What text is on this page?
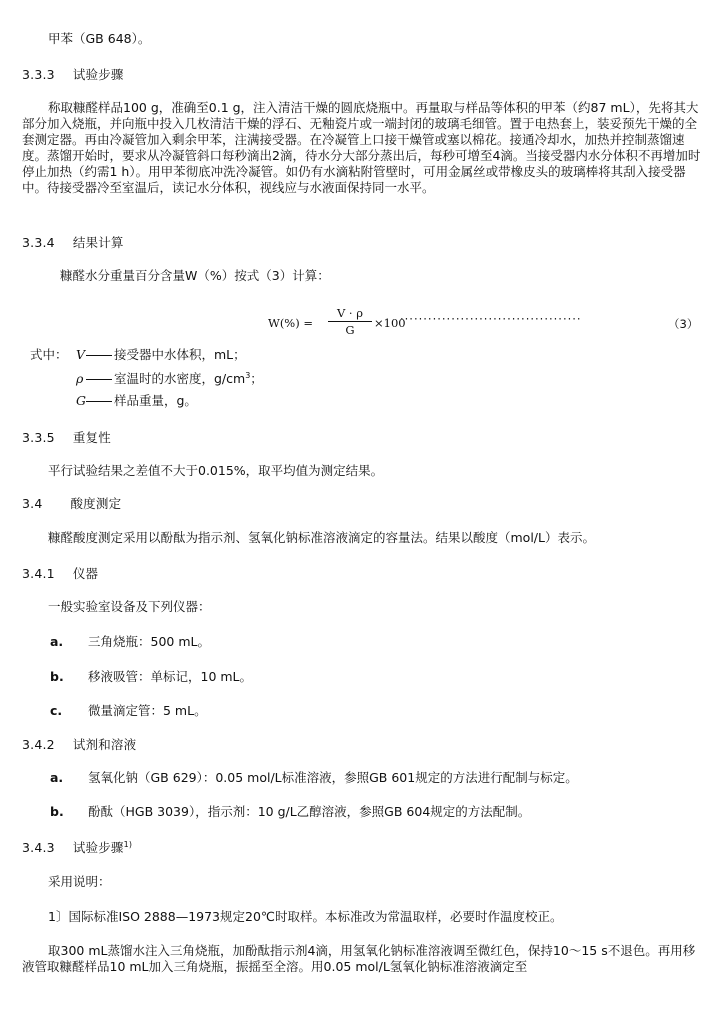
甲苯（GB 648）。
3.3.3 试验步骤
称取糠醛样品100 g，准确至0.1 g，注入清洁干燥的圆底烧瓶中。再量取与样品等体积的甲苯（约87 mL），先将其大部分加入烧瓶，并向瓶中投入几枚清洁干燥的浮石、无釉瓷片或一端封闭的玻璃毛细管。置于电热套上，装妥预先干燥的全套测定器。再由冷凝管加入剩余甲苯，注满接受器。在冷凝管上口接干燥管或塞以棉花。接通冷却水，加热并控制蒸馏速度。蒸馏开始时，要求从冷凝管斜口每秒滴出2滴，待水分大部分蒸出后，每秒可增至4滴。当接受器内水分体积不再增加时停止加热（约需1 h）。用甲苯彻底冲洗冷凝管。如仍有水滴粘附管壁时，可用金属丝或带橡皮头的玻璃棒将其刮入接受器中。待接受器冷至室温后，读记水分体积，视线应与水液面保持同一水平。
3.3.4 结果计算
糠醛水分重量百分含量W（%）按式（3）计算：
W(%) =
V · ρ
G	×100
·······································	（3）
式中： V 接受器中水体积，mL；
ρ 室温时的水密度，$g/cm^3$；
G 样品重量，g。
3.3.5 重复性
平行试验结果之差值不大于0.015%，取平均值为测定结果。
3.4 酸度测定
糠醛酸度测定采用以酚酞为指示剂、氢氧化钠标准溶液滴定的容量法。结果以酸度（mol/L）表示。
3.4.1 仪器
一般实验室设备及下列仪器：
a. 三角烧瓶：500 mL。
b. 移液吸管：单标记，10 mL。
c. 微量滴定管：5 mL。
3.4.2 试剂和溶液
a. 氢氧化钠（GB 629）：0.05 mol/L标准溶液，参照GB 601规定的方法进行配制与标定。
b. 酚酞（HGB 3039），指示剂：10 g/L乙醇溶液，参照GB 604规定的方法配制。
3.4.3 试验步骤$^{1)}$
采用说明：
1〕国际标准ISO 2888—1973规定20℃时取样。本标准改为常温取样，必要时作温度校正。
取300 mL蒸馏水注入三角烧瓶，加酚酞指示剂4滴，用氢氧化钠标准溶液调至微红色，保持10～15 s不退色。再用移液管取糠醛样品10 mL加入三角烧瓶，振摇至全溶。用0.05 mol/L氢氧化钠标准溶液滴定至
